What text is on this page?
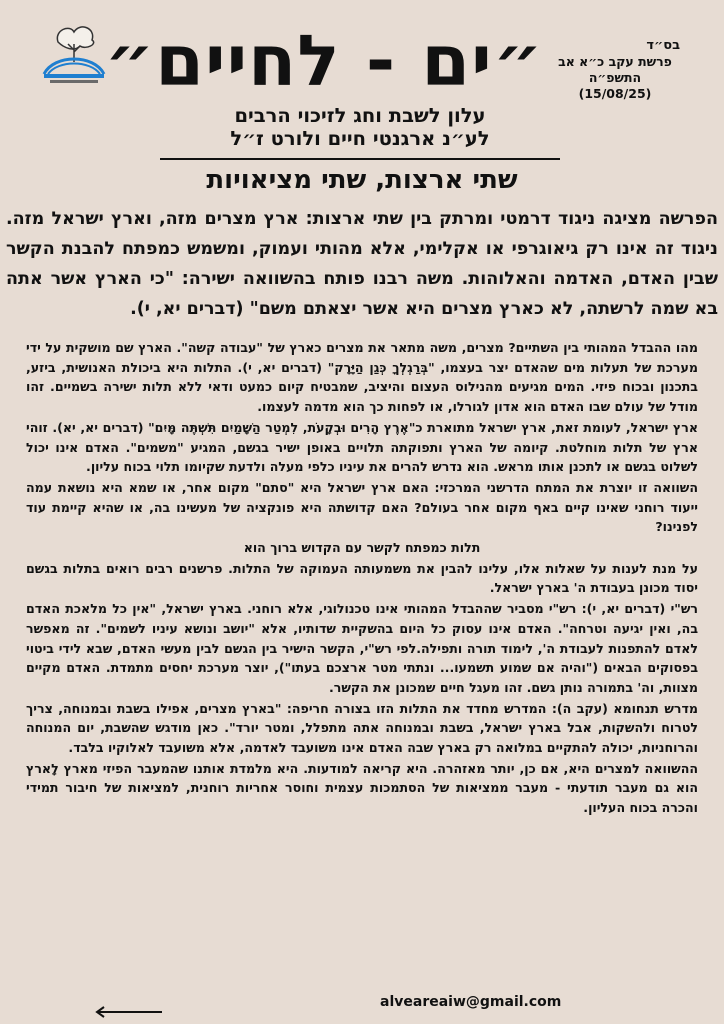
״ים - לחיים״	בס״ד
פרשת עקב כ״א אב התשפ״ה
(15/08/25)
עלון לשבת וחג לזיכוי הרבים
לע״נ ארגנטי חיים ולורט ז״ל
שתי ארצות, שתי מציאויות
הפרשה מציגה ניגוד דרמטי ומרתק בין שתי ארצות: ארץ מצרים מזה, וארץ ישראל מזה. ניגוד זה אינו רק גיאוגרפי או אקלימי, אלא מהותי ועמוק, ומשמש כמפתח להבנת הקשר שבין האדם, האדמה והאלוהות. משה רבנו פותח בהשוואה ישירה: "כי הארץ אשר אתה בא שמה לרשתה, לא כארץ מצרים היא אשר יצאתם משם" (דברים יא, י).

מהו ההבדל המהותי בין השתיים? מצרים, משה מתאר את מצרים כארץ של "עבודה קשה". הארץ שם מושקית על ידי מערכת של תעלות מים שהאדם יצר בעצמו, "בְּרַגְלְךָ כְּגַן הַיָּרָק" (דברים יא, י). התלות היא ביכולת האנושית, ביזע, בתכנון ובכוח פיזי. המים מגיעים מהנילוס העצום והיציב, שמבטיח קיום כמעט ודאי ללא תלות ישירה בשמיים. זהו מודל של עולם שבו האדם הוא אדון לגורלו, או לפחות כך הוא מדמה לעצמו.

ארץ ישראל, לעומת זאת, ארץ ישראל מתוארת כ"אֶרֶץ הָרִים וּבְקָעֹת, לִמְטַר הַשָּׁמַיִם תִּשְׁתֶּה מָּיִם" (דברים יא, יא). זוהי ארץ של תלות מוחלטת. קיומה של הארץ ותפוקתה תלויים באופן ישיר בגשם, המגיע "משמים". האדם אינו יכול לשלוט בגשם או לתכנן אותו מראש. הוא נדרש להרים את עיניו כלפי מעלה ולדעת שקיומו תלוי בכוח עליון.

השוואה זו יוצרת את המתח הדרשני המרכזי: האם ארץ ישראל היא "סתם" מקום אחר, או שמא היא נושאת עמה ייעוד רוחני שאינו קיים באף מקום אחר בעולם? האם קדושתה היא פונקציה של מעשינו בה, או שהיא קיימת עוד לפנינו?

תלות כמפתח לקשר עם הקדוש ברוך הוא

על מנת לענות על שאלות אלו, עלינו להבין את משמעותה העמוקה של התלות. פרשנים רבים רואים בתלות בגשם יסוד מכונן בעבודת ה' בארץ ישראל.

רש"י (דברים יא, י): רש"י מסביר שההבדל המהותי אינו טכנולוגי, אלא רוחני. בארץ ישראל, "אין כל מלאכת האדם בה, ואין יגיעה וטרחה". האדם אינו עסוק כל היום בהשקיית שדותיו, אלא "יושב ונושא עיניו לשמים". זה מאפשר לאדם להתפנות לעבודת ה', לימוד תורה ותפילה.לפי רש"י, הקשר הישיר בין הגשם לבין מעשי האדם, שבא לידי ביטוי בפסוקים הבאים ("והיה אם שמוע תשמעו... ונתתי מטר ארצכם בעתו"), יוצר מערכת יחסים מתמדת. האדם מקיים מצוות, וה' בתמורה נותן גשם. זהו מעגל חיים שמכונן את הקשר.

מדרש תנחומא (עקב ה): המדרש מחדד את התלות הזו בצורה חריפה: "בארץ מצרים, אפילו בשבת ובמנוחה, צריך לטרוח ולהשקות, אבל בארץ ישראל, בשבת ובמנוחה אתה מתפלל, ומטר יורד". כאן מודגש שהשבת, יום המנוחה והרוחניות, יכולה להתקיים במלואה רק בארץ שבה האדם אינו משועבד לאדמה, אלא משועבד לאלוקיו בלבד.

ההשוואה למצרים היא, אם כן, יותר מאזהרה. היא קריאה למודעות. היא מלמדת אותנו שהמעבר הפיזי מארץ לָארץ הוא גם מעבר תודעתי - מעבר ממציאות של הסתמכות עצמית וחוסר אחריות רוחנית, למציאות של חיבור תמידי והכרה בכוח העליון.

alveareaiw@gmail.com
